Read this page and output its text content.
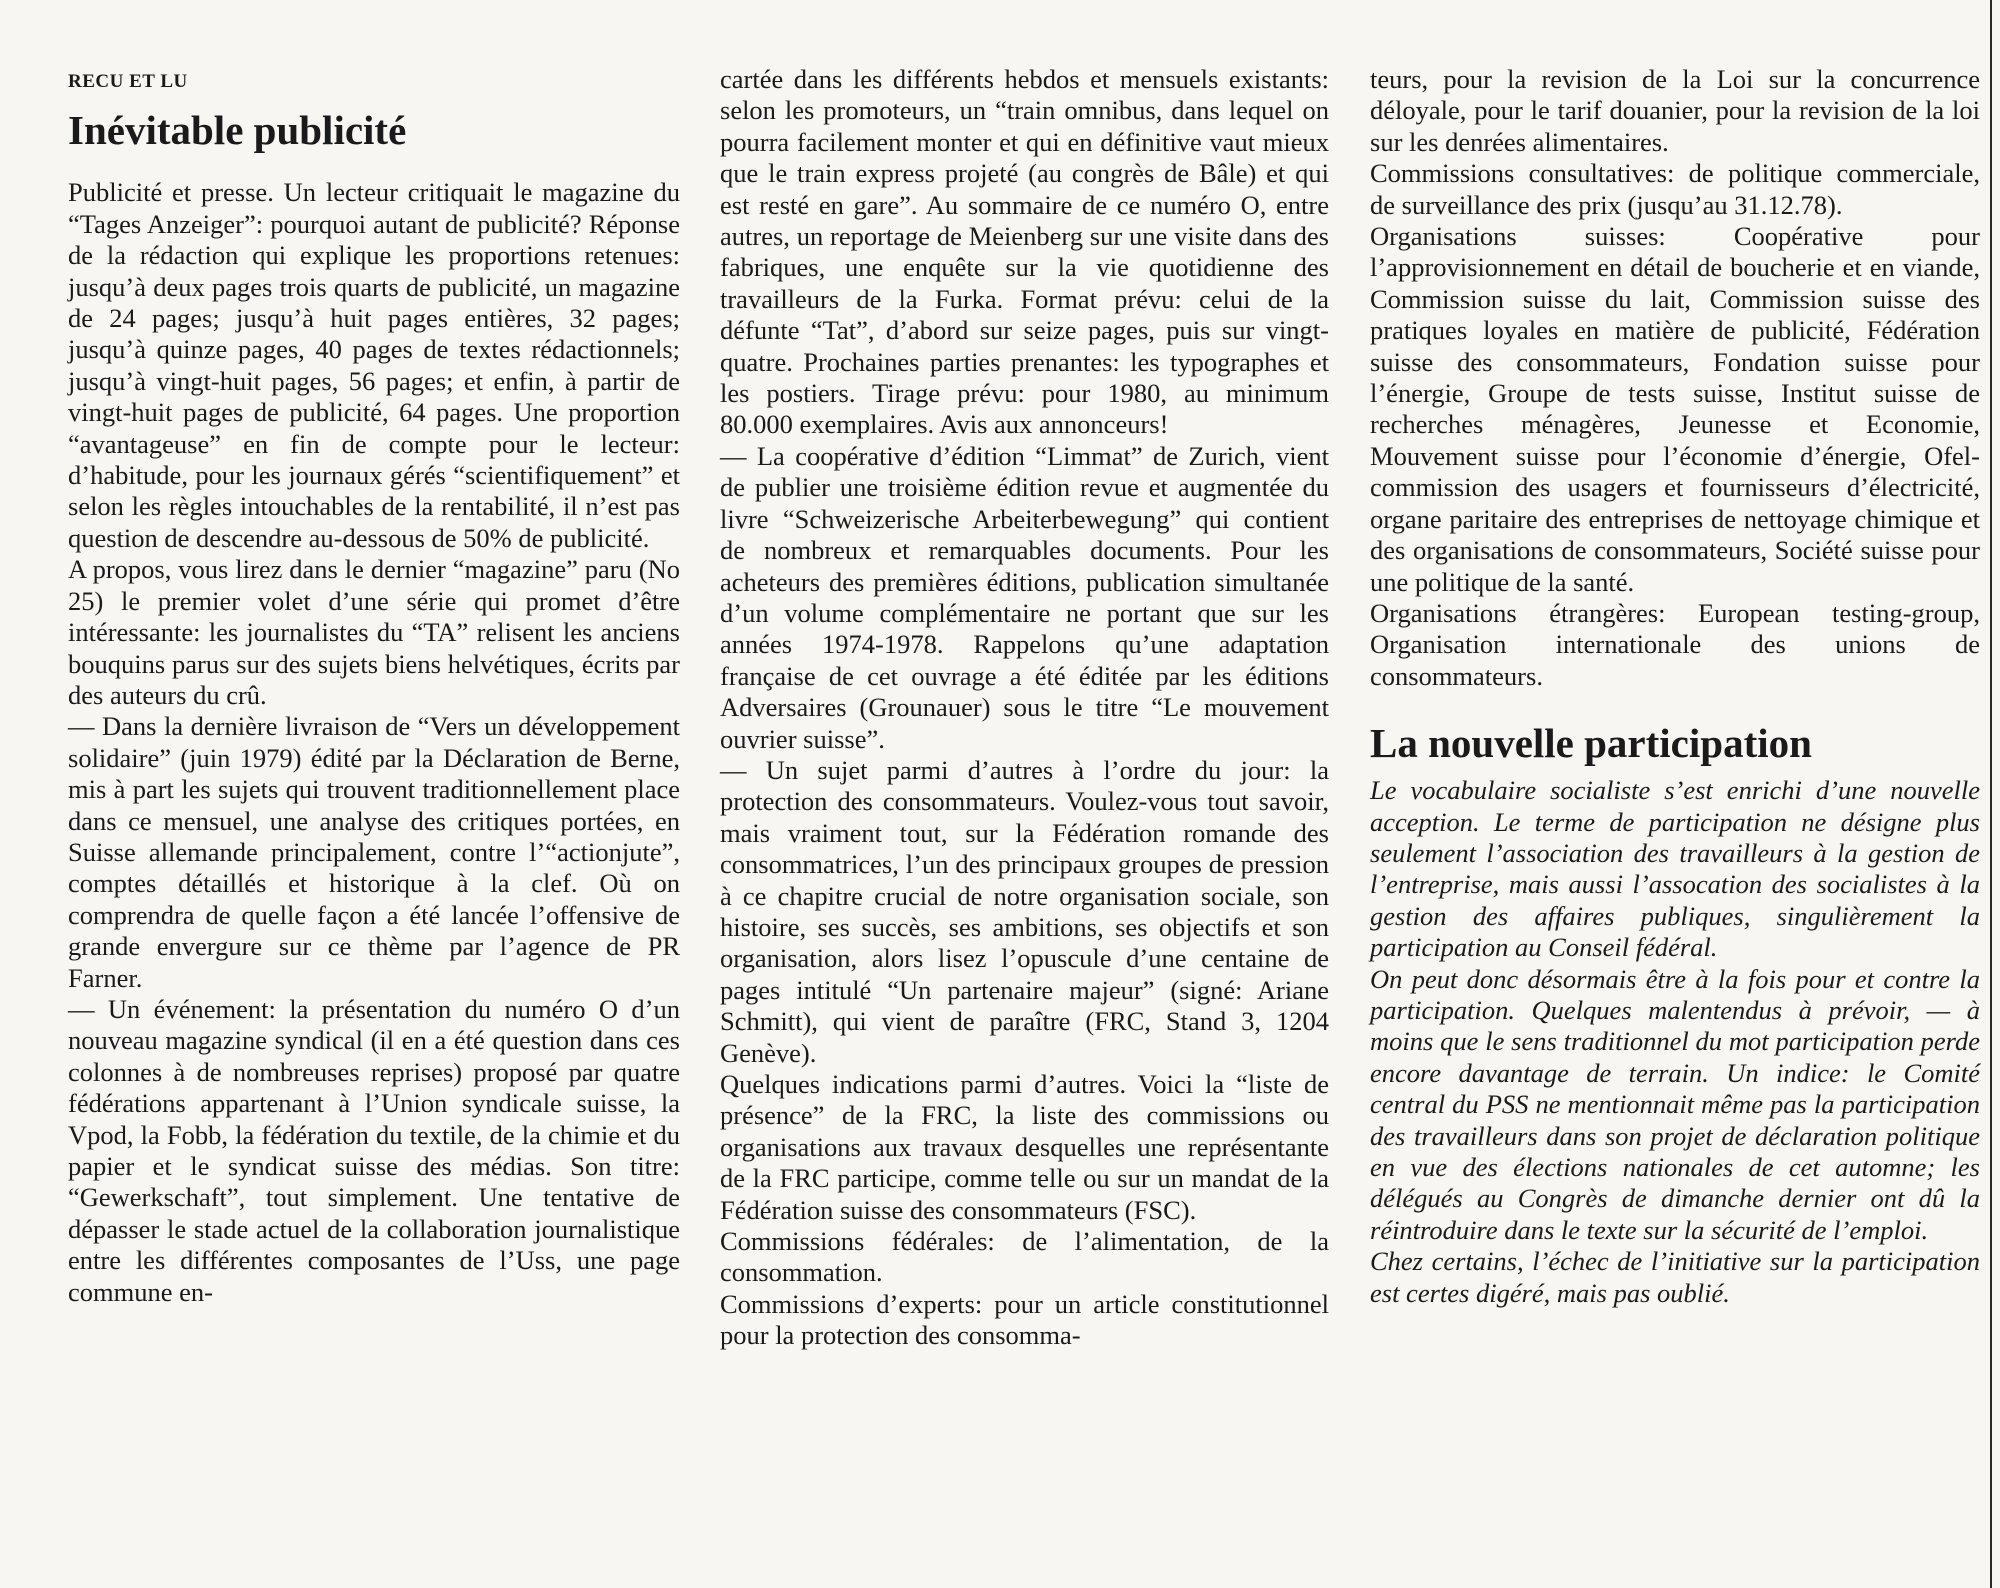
RECU ET LU
Inévitable publicité

Publicité et presse. Un lecteur critiquait le magazine du “Tages Anzeiger”: pourquoi autant de publicité? Réponse de la rédaction qui explique les proportions retenues: jusqu’à deux pages trois quarts de publicité, un magazine de 24 pages; jusqu’à huit pages entières, 32 pages; jusqu’à quinze pages, 40 pages de textes rédactionnels; jusqu’à vingt-huit pages, 56 pages; et enfin, à partir de vingt-huit pages de publicité, 64 pages. Une proportion “avantageuse” en fin de compte pour le lecteur: d’habitude, pour les journaux gérés “scientifiquement” et selon les règles intouchables de la rentabilité, il n’est pas question de descendre au-dessous de 50% de publicité.

A propos, vous lirez dans le dernier “magazine” paru (No 25) le premier volet d’une série qui promet d’être intéressante: les journalistes du “TA” relisent les anciens bouquins parus sur des sujets biens helvétiques, écrits par des auteurs du crû.

— Dans la dernière livraison de “Vers un développement solidaire” (juin 1979) édité par la Déclaration de Berne, mis à part les sujets qui trouvent traditionnellement place dans ce mensuel, une analyse des critiques portées, en Suisse allemande principalement, contre l’“actionjute”, comptes détaillés et historique à la clef. Où on comprendra de quelle façon a été lancée l’offensive de grande envergure sur ce thème par l’agence de PR Farner.

— Un événement: la présentation du numéro O d’un nouveau magazine syndical (il en a été question dans ces colonnes à de nombreuses reprises) proposé par quatre fédérations appartenant à l’Union syndicale suisse, la Vpod, la Fobb, la fédération du textile, de la chimie et du papier et le syndicat suisse des médias. Son titre: “Gewerkschaft”, tout simplement. Une tentative de dépasser le stade actuel de la collaboration journalistique entre les différentes composantes de l’Uss, une page commune en-

cartée dans les différents hebdos et mensuels existants: selon les promoteurs, un “train omnibus, dans lequel on pourra facilement monter et qui en définitive vaut mieux que le train express projeté (au congrès de Bâle) et qui est resté en gare”. Au sommaire de ce numéro O, entre autres, un reportage de Meienberg sur une visite dans des fabriques, une enquête sur la vie quotidienne des travailleurs de la Furka. Format prévu: celui de la défunte “Tat”, d’abord sur seize pages, puis sur vingt-quatre. Prochaines parties prenantes: les typographes et les postiers. Tirage prévu: pour 1980, au minimum 80.000 exemplaires. Avis aux annonceurs!

— La coopérative d’édition “Limmat” de Zurich, vient de publier une troisième édition revue et augmentée du livre “Schweizerische Arbeiterbewegung” qui contient de nombreux et remarquables documents. Pour les acheteurs des premières éditions, publication simultanée d’un volume complémentaire ne portant que sur les années 1974-1978. Rappelons qu’une adaptation française de cet ouvrage a été éditée par les éditions Adversaires (Grounauer) sous le titre “Le mouvement ouvrier suisse”.

— Un sujet parmi d’autres à l’ordre du jour: la protection des consommateurs. Voulez-vous tout savoir, mais vraiment tout, sur la Fédération romande des consommatrices, l’un des principaux groupes de pression à ce chapitre crucial de notre organisation sociale, son histoire, ses succès, ses ambitions, ses objectifs et son organisation, alors lisez l’opuscule d’une centaine de pages intitulé “Un partenaire majeur” (signé: Ariane Schmitt), qui vient de paraître (FRC, Stand 3, 1204 Genève).

Quelques indications parmi d’autres. Voici la “liste de présence” de la FRC, la liste des commissions ou organisations aux travaux desquelles une représentante de la FRC participe, comme telle ou sur un mandat de la Fédération suisse des consommateurs (FSC).

Commissions fédérales: de l’alimentation, de la consommation.

Commissions d’experts: pour un article constitutionnel pour la protection des consomma-

teurs, pour la revision de la Loi sur la concurrence déloyale, pour le tarif douanier, pour la revision de la loi sur les denrées alimentaires.

Commissions consultatives: de politique commerciale, de surveillance des prix (jusqu’au 31.12.78).

Organisations suisses: Coopérative pour l’approvisionnement en détail de boucherie et en viande, Commission suisse du lait, Commission suisse des pratiques loyales en matière de publicité, Fédération suisse des consommateurs, Fondation suisse pour l’énergie, Groupe de tests suisse, Institut suisse de recherches ménagères, Jeunesse et Economie, Mouvement suisse pour l’économie d’énergie, Ofel-commission des usagers et fournisseurs d’électricité, organe paritaire des entreprises de nettoyage chimique et des organisations de consommateurs, Société suisse pour une politique de la santé.

Organisations étrangères: European testing-group, Organisation internationale des unions de consommateurs.

La nouvelle participation

Le vocabulaire socialiste s’est enrichi d’une nouvelle acception. Le terme de participation ne désigne plus seulement l’association des travailleurs à la gestion de l’entreprise, mais aussi l’assocation des socialistes à la gestion des affaires publiques, singulièrement la participation au Conseil fédéral.

On peut donc désormais être à la fois pour et contre la participation. Quelques malentendus à prévoir, — à moins que le sens traditionnel du mot participation perde encore davantage de terrain. Un indice: le Comité central du PSS ne mentionnait même pas la participation des travailleurs dans son projet de déclaration politique en vue des élections nationales de cet automne; les délégués au Congrès de dimanche dernier ont dû la réintroduire dans le texte sur la sécurité de l’emploi.

Chez certains, l’échec de l’initiative sur la participation est certes digéré, mais pas oublié.
